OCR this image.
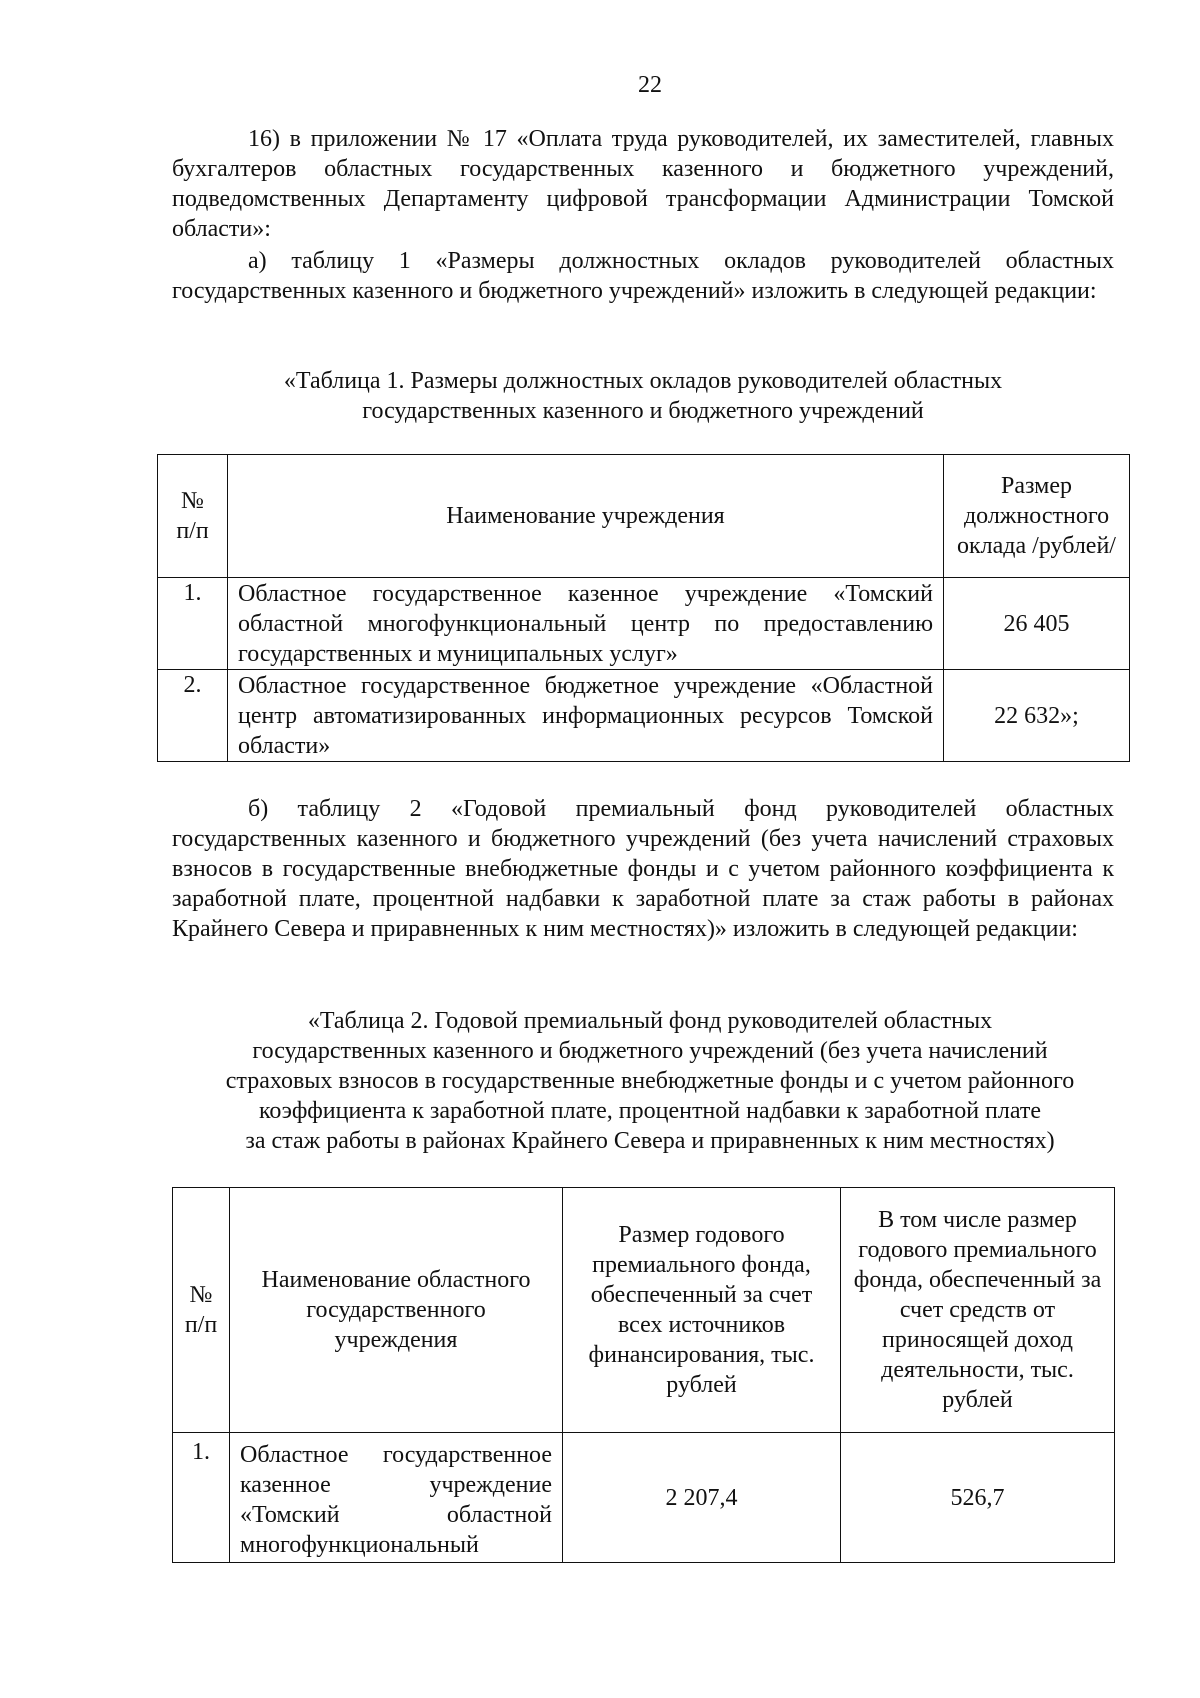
22

16) в приложении № 17 «Оплата труда руководителей, их заместителей, главных бухгалтеров областных государственных казенного и бюджетного учреждений, подведомственных Департаменту цифровой трансформации Администрации Томской области»:

а) таблицу 1 «Размеры должностных окладов руководителей областных государственных казенного и бюджетного учреждений» изложить в следующей редакции:

«Таблица 1. Размеры должностных окладов руководителей областных
государственных казенного и бюджетного учреждений

№ п/п	Наименование учреждения	Размер должностного оклада /рублей/
1.	Областное государственное казенное учреждение «Томский областной многофункциональный центр по предоставлению государственных и муниципальных услуг»	26 405
2.	Областное государственное бюджетное учреждение «Областной центр автоматизированных информационных ресурсов Томской области»	22 632»;

б) таблицу 2 «Годовой премиальный фонд руководителей областных государственных казенного и бюджетного учреждений (без учета начислений страховых взносов в государственные внебюджетные фонды и с учетом районного коэффициента к заработной плате, процентной надбавки к заработной плате за стаж работы в районах Крайнего Севера и приравненных к ним местностях)» изложить в следующей редакции:

«Таблица 2. Годовой премиальный фонд руководителей областных
государственных казенного и бюджетного учреждений (без учета начислений
страховых взносов в государственные внебюджетные фонды и с учетом районного
коэффициента к заработной плате, процентной надбавки к заработной плате
за стаж работы в районах Крайнего Севера и приравненных к ним местностях)

№ п/п	Наименование областного государственного учреждения	Размер годового премиального фонда, обеспеченный за счет всех источников финансирования, тыс. рублей	В том числе размер годового премиального фонда, обеспеченный за счет средств от приносящей доход деятельности, тыс. рублей
1.	Областное государственное казенное учреждение «Томский областной многофункциональный	2 207,4	526,7
